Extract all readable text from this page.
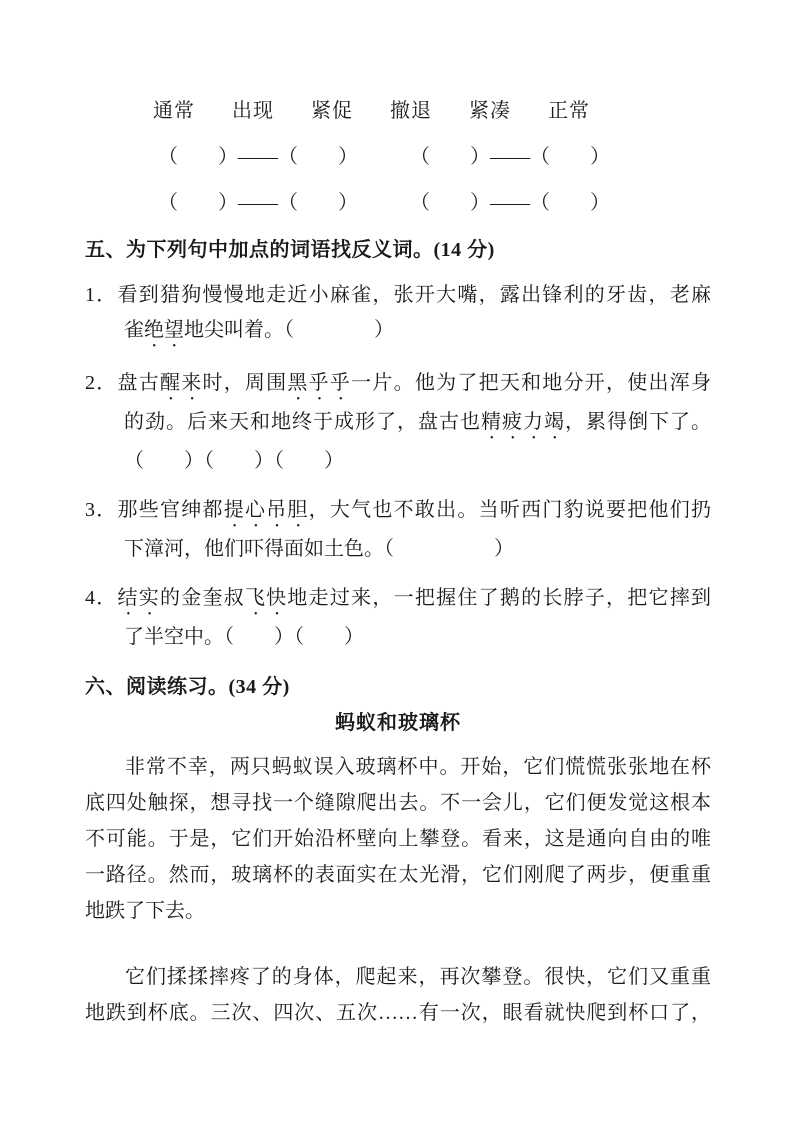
通常 出现 紧促 撤退 紧凑 正常
（　　）——（　　）	（　　）——（　　）
（　　）——（　　）	（　　）——（　　）
五、为下列句中加点的词语找反义词。(14 分)
1．看到猎狗慢慢地走近小麻雀，张开大嘴，露出锋利的牙齿，老麻
雀绝望地尖叫着。（　　　　）
2．盘古醒来时，周围黑乎乎一片。他为了把天和地分开，使出浑身
的劲。后来天和地终于成形了，盘古也精疲力竭，累得倒下了。
（　　）（　　）（　　）
3．那些官绅都提心吊胆，大气也不敢出。当听西门豹说要把他们扔
下漳河，他们吓得面如土色。（　　　　　）
4．结实的金奎叔飞快地走过来，一把握住了鹅的长脖子，把它摔到
了半空中。（　　）（　　）
六、阅读练习。(34 分)
蚂蚁和玻璃杯
非常不幸，两只蚂蚁误入玻璃杯中。开始，它们慌慌张张地在杯
底四处触探，想寻找一个缝隙爬出去。不一会儿，它们便发觉这根本
不可能。于是，它们开始沿杯壁向上攀登。看来，这是通向自由的唯
一路径。然而，玻璃杯的表面实在太光滑，它们刚爬了两步，便重重
地跌了下去。
它们揉揉摔疼了的身体，爬起来，再次攀登。很快，它们又重重
地跌到杯底。三次、四次、五次……有一次，眼看就快爬到杯口了，
